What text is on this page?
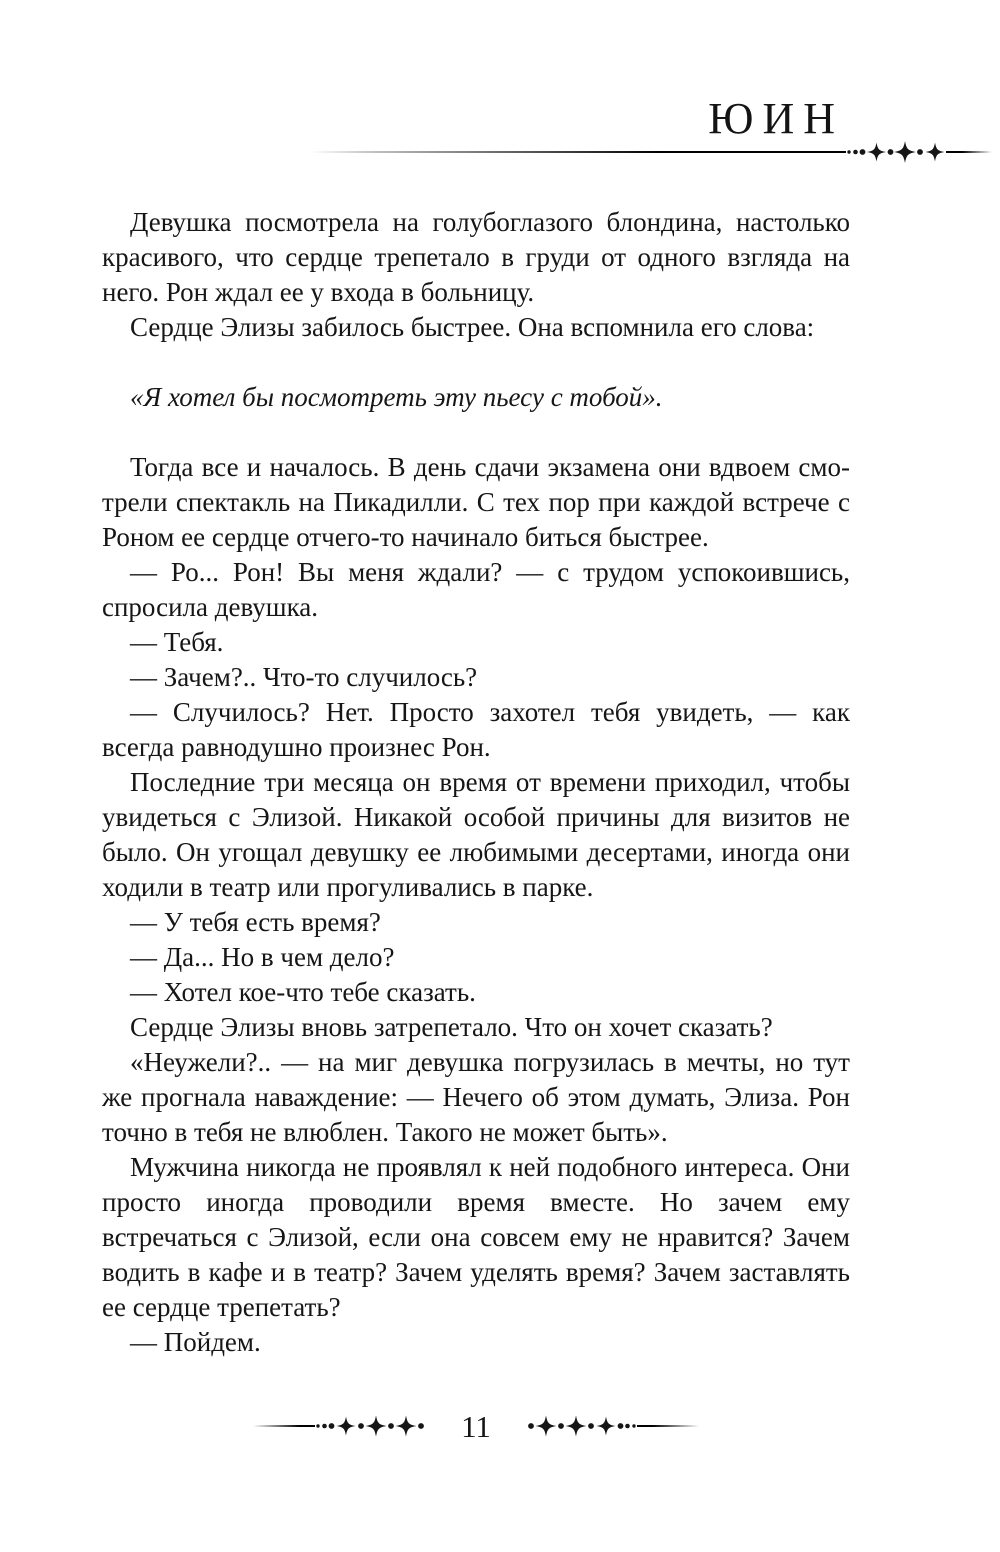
ЮИН

Девушка посмотрела на голубоглазого блондина, настолько красивого, что сердце трепетало в груди от одного взгляда на него. Рон ждал ее у входа в больницу.

Сердце Элизы забилось быстрее. Она вспомнила его слова:

«Я хотел бы посмотреть эту пьесу с тобой».

Тогда все и началось. В день сдачи экзамена они вдвоем смотрели спектакль на Пикадилли. С тех пор при каждой встрече с Роном ее сердце отчего-то начинало биться быстрее.

— Ро... Рон! Вы меня ждали? — с трудом успокоившись, спросила девушка.

— Тебя.

— Зачем?.. Что-то случилось?

— Случилось? Нет. Просто захотел тебя увидеть, — как всегда равнодушно произнес Рон.

Последние три месяца он время от времени приходил, чтобы увидеться с Элизой. Никакой особой причины для визитов не было. Он угощал девушку ее любимыми десертами, иногда они ходили в театр или прогуливались в парке.

— У тебя есть время?

— Да... Но в чем дело?

— Хотел кое-что тебе сказать.

Сердце Элизы вновь затрепетало. Что он хочет сказать?

«Неужели?.. — на миг девушка погрузилась в мечты, но тут же прогнала наваждение: — Нечего об этом думать, Элиза. Рон точно в тебя не влюблен. Такого не может быть».

Мужчина никогда не проявлял к ней подобного интереса. Они просто иногда проводили время вместе. Но зачем ему встречаться с Элизой, если она совсем ему не нравится? Зачем водить в кафе и в театр? Зачем уделять время? Зачем заставлять ее сердце трепетать?

— Пойдем.

11
